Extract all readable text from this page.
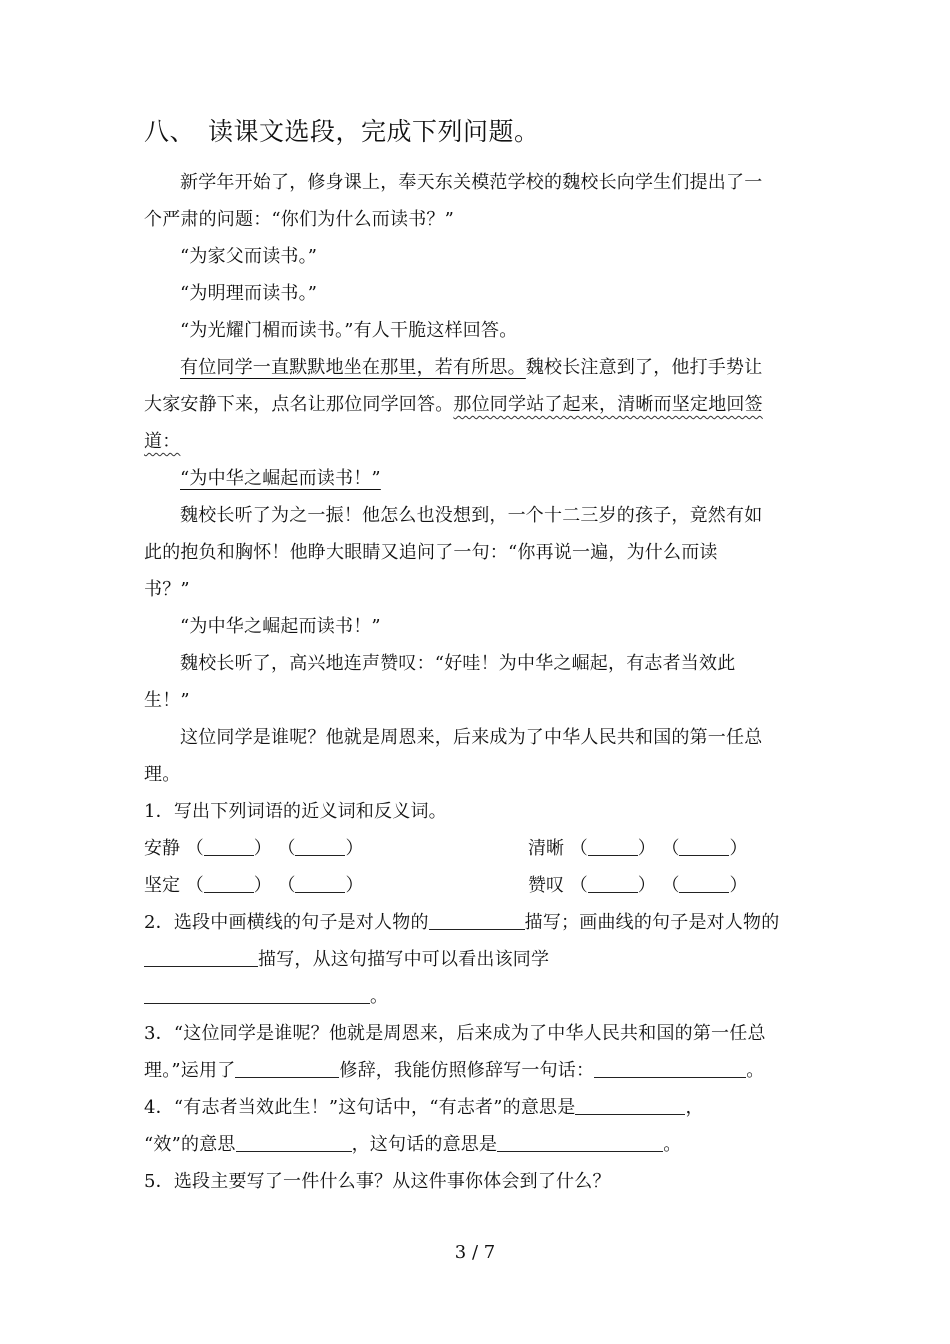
八、 读课文选段，完成下列问题。
新学年开始了，修身课上，奉天东关模范学校的魏校长向学生们提出了一
个严肃的问题：“你们为什么而读书？”
“为家父而读书。”
“为明理而读书。”
“为光耀门楣而读书。”有人干脆这样回答。
有位同学一直默默地坐在那里，若有所思。魏校长注意到了，他打手势让
大家安静下来，点名让那位同学回答。那位同学站了起来，清晰而坚定地回签
道：
“为中华之崛起而读书！”
魏校长听了为之一振！他怎么也没想到，一个十二三岁的孩子，竟然有如
此的抱负和胸怀！他睁大眼睛又追问了一句：“你再说一遍，为什么而读
书？”
“为中华之崛起而读书！”
魏校长听了，高兴地连声赞叹：“好哇！为中华之崛起，有志者当效此
生！”
这位同学是谁呢？他就是周恩来，后来成为了中华人民共和国的第一任总
理。
1．写出下列词语的近义词和反义词。
安静 （	） （	）	清晰 （	） （	）
坚定 （	） （	）	赞叹 （	） （	）
2．选段中画横线的句子是对人物的	描写；画曲线的句子是对人物的
描写，从这句描写中可以看出该同学
。
3．“这位同学是谁呢？他就是周恩来，后来成为了中华人民共和国的第一任总
理。”运用了	修辞，我能仿照修辞写一句话：	。
4．“有志者当效此生！”这句话中，“有志者”的意思是	，
“效”的意思	，这句话的意思是	。
5．选段主要写了一件什么事？从这件事你体会到了什么？
3 / 7
